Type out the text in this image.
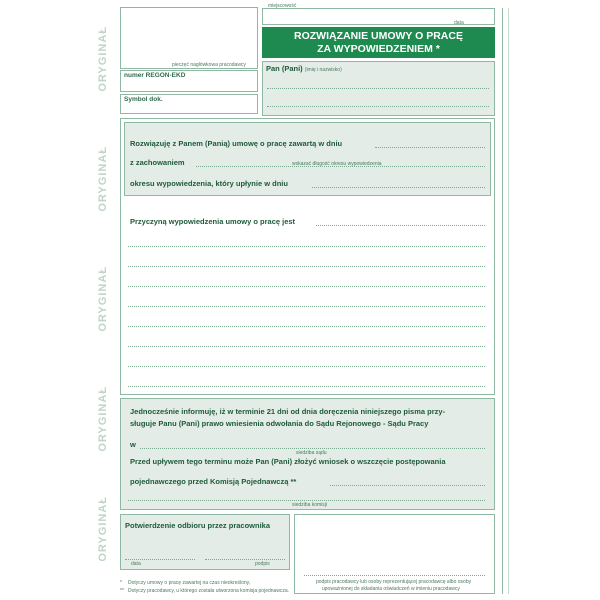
ORYGINAŁ
ORYGINAŁ
ORYGINAŁ
ORYGINAŁ
ORYGINAŁ
pieczęć nagłówkowa pracodawcy
numer REGON-EKD
Symbol dok.
miejscowość
data
ROZWIĄZANIE UMOWY O PRACĘ
ZA WYPOWIEDZENIEM *
Pan (Pani) (imię i nazwisko)
Rozwiązuję z Panem (Panią) umowę o pracę zawartą w dniu
z zachowaniem	wskazać długość okresu wypowiedzenia
okresu wypowiedzenia, który upłynie w dniu
Przyczyną wypowiedzenia umowy o pracę jest
Jednocześnie informuję, iż w terminie 21 dni od dnia doręczenia niniejszego pisma przy-
sługuje Panu (Pani) prawo wniesienia odwołania do Sądu Rejonowego - Sądu Pracy
w
siedziba sądu
Przed upływem tego terminu może Pan (Pani) złożyć wniosek o wszczęcie postępowania
pojednawczego przed Komisją Pojednawczą **
siedziba komisji
Potwierdzenie odbioru przez pracownika
data	podpis
podpis pracodawcy lub osoby reprezentującej pracodawcę albo osoby
upoważnionej do składania oświadczeń w imieniu pracodawcy
* Dotyczy umowy o pracę zawartej na czas nieokreślony,
** Dotyczy pracodawcy, u którego została utworzona komisja pojednawcza.
